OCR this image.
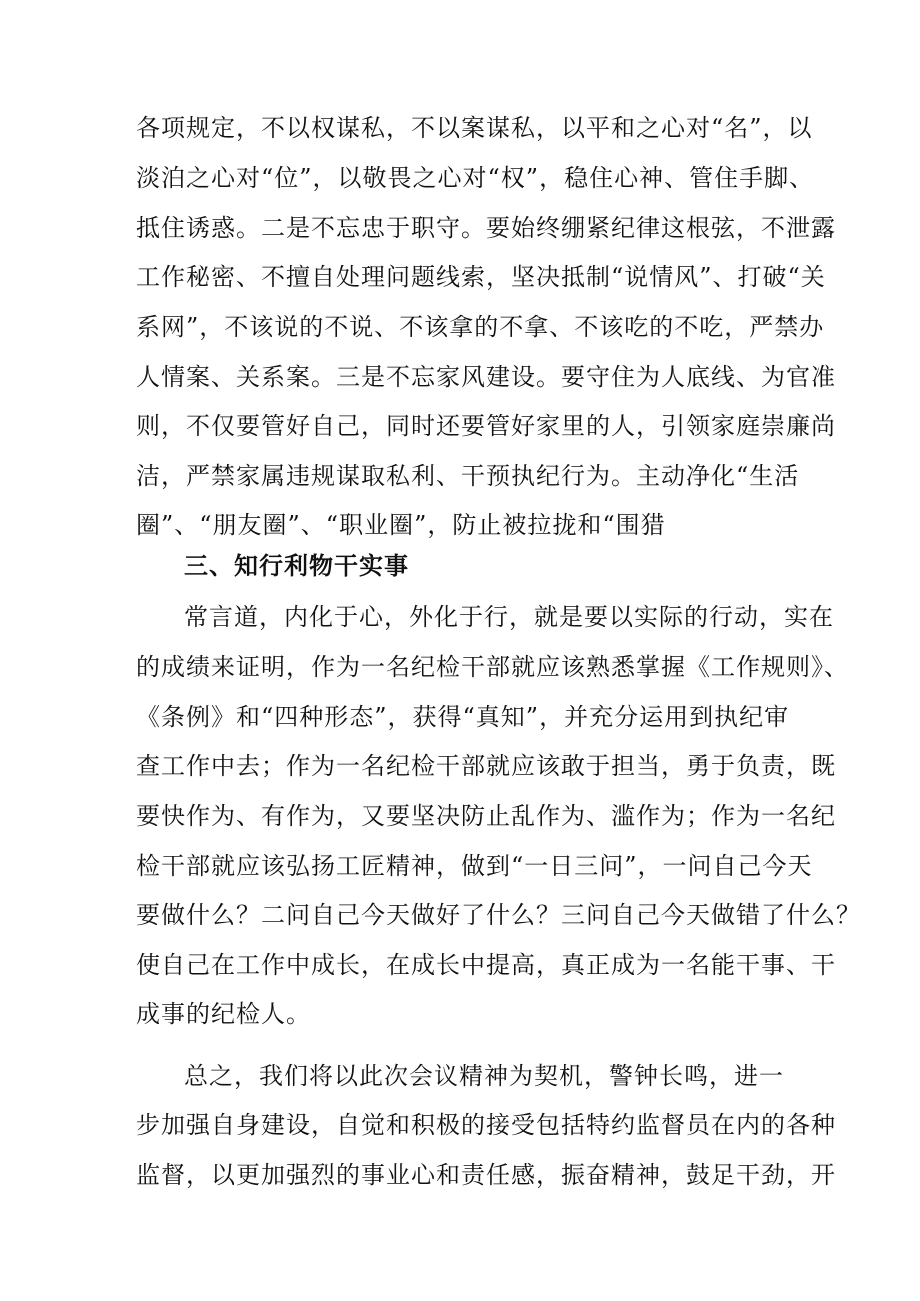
各项规定，不以权谋私，不以案谋私，以平和之心对“名”，以
淡泊之心对“位”，以敬畏之心对“权”，稳住心神、管住手脚、
抵住诱惑。二是不忘忠于职守。要始终绷紧纪律这根弦，不泄露
工作秘密、不擅自处理问题线索，坚决抵制“说情风”、打破“关
系网”，不该说的不说、不该拿的不拿、不该吃的不吃，严禁办
人情案、关系案。三是不忘家风建设。要守住为人底线、为官准
则，不仅要管好自己，同时还要管好家里的人，引领家庭崇廉尚
洁，严禁家属违规谋取私利、干预执纪行为。主动净化“生活
圈”、“朋友圈”、“职业圈”，防止被拉拢和“围猎
三、知行利物干实事
常言道，内化于心，外化于行，就是要以实际的行动，实在
的成绩来证明，作为一名纪检干部就应该熟悉掌握《工作规则》、
《条例》和“四种形态”，获得“真知”，并充分运用到执纪审
查工作中去；作为一名纪检干部就应该敢于担当，勇于负责，既
要快作为、有作为，又要坚决防止乱作为、滥作为；作为一名纪
检干部就应该弘扬工匠精神，做到“一日三问”，一问自己今天
要做什么？二问自己今天做好了什么？三问自己今天做错了什么？
使自己在工作中成长，在成长中提高，真正成为一名能干事、干
成事的纪检人。
总之，我们将以此次会议精神为契机，警钟长鸣，进一
步加强自身建设，自觉和积极的接受包括特约监督员在内的各种
监督，以更加强烈的事业心和责任感，振奋精神，鼓足干劲，开
